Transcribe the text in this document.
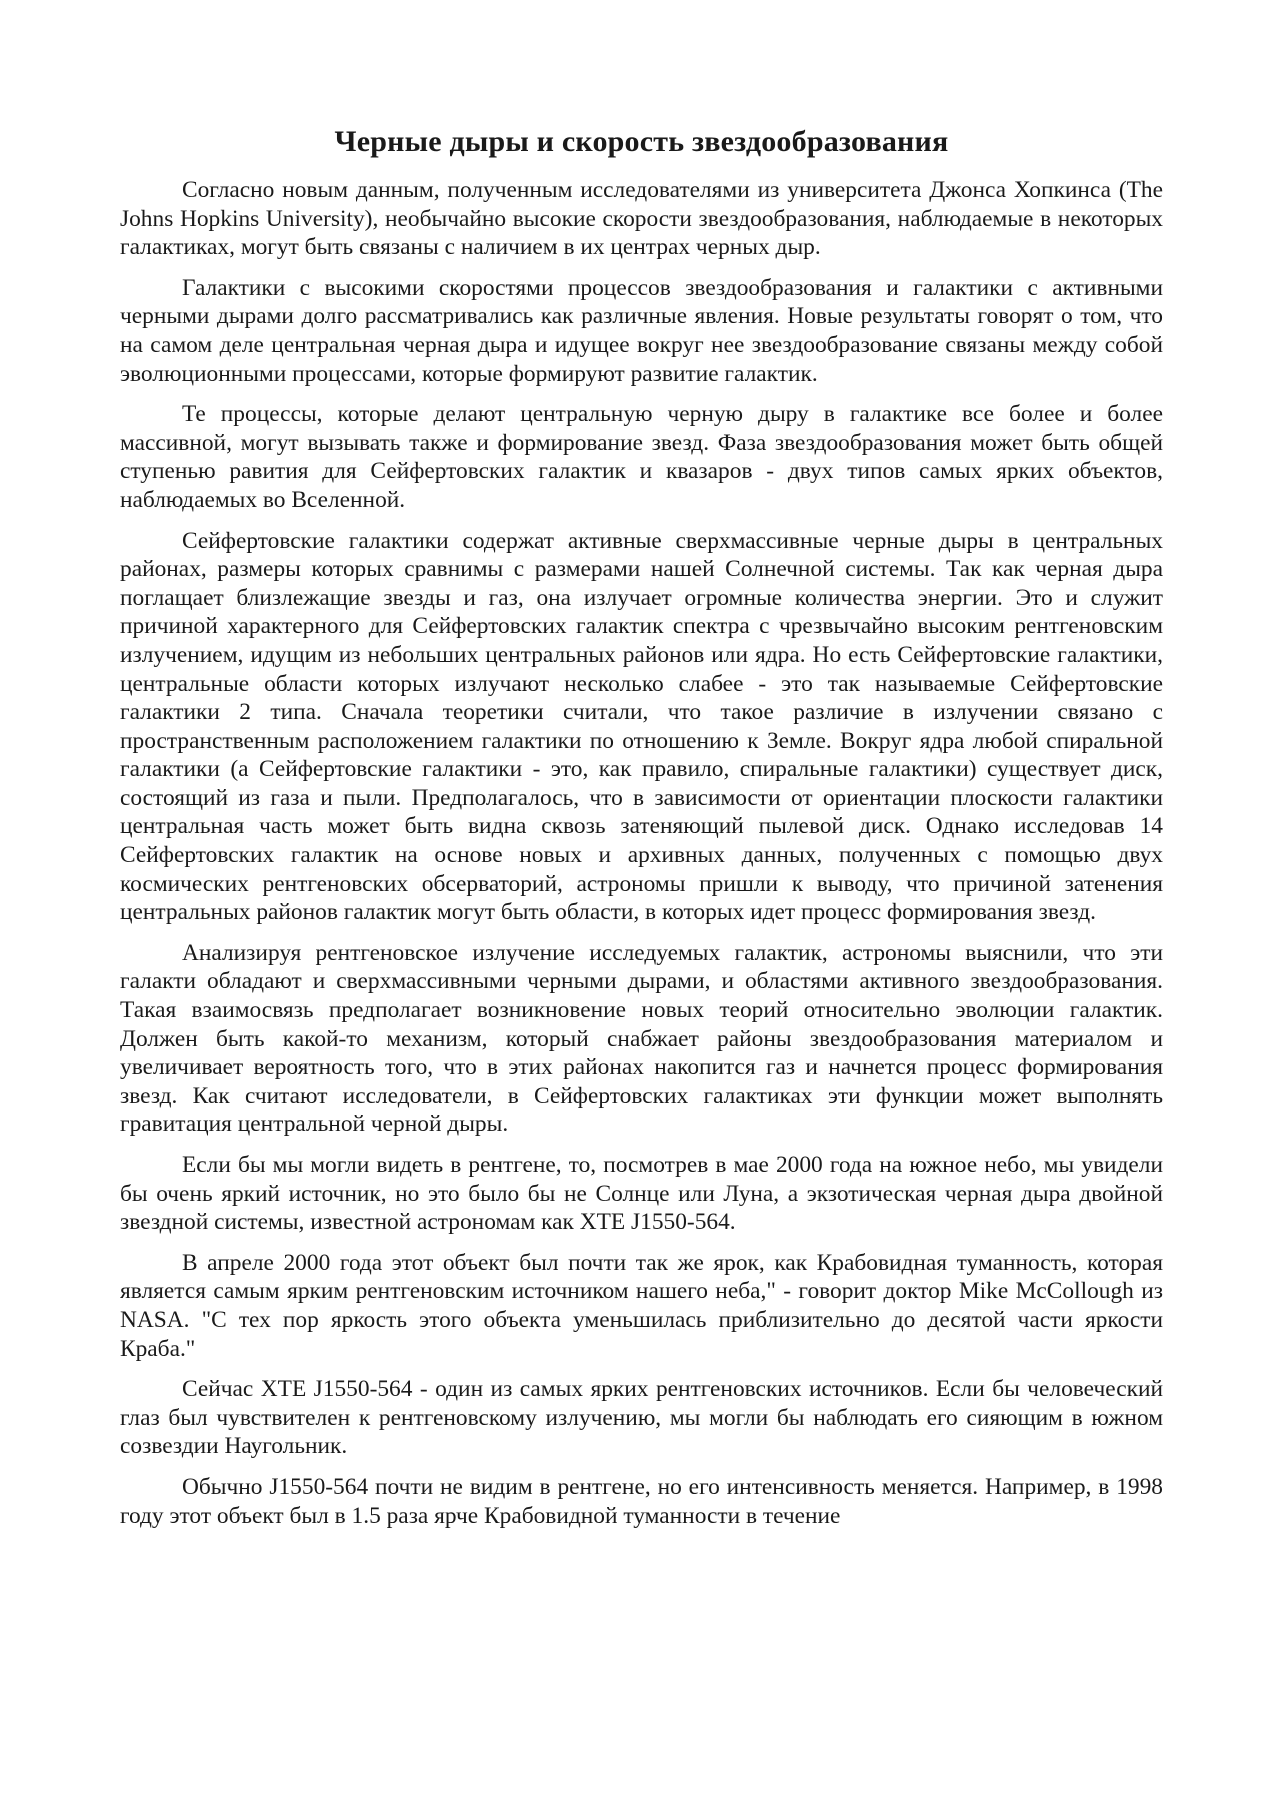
Черные дыры и скорость звездообразования

Согласно новым данным, полученным исследователями из университета Джонса Хопкинса (The Johns Hopkins University), необычайно высокие скорости звездообразования, наблюдаемые в некоторых галактиках, могут быть связаны с наличием в их центрах черных дыр.

Галактики с высокими скоростями процессов звездообразования и галактики с активными черными дырами долго рассматривались как различные явления. Новые результаты говорят о том, что на самом деле центральная черная дыра и идущее вокруг нее звездообразование связаны между собой эволюционными процессами, которые формируют развитие галактик.

Те процессы, которые делают центральную черную дыру в галактике все более и более массивной, могут вызывать также и формирование звезд. Фаза звездообразования может быть общей ступенью равития для Сейфертовских галактик и квазаров - двух типов самых ярких объектов, наблюдаемых во Вселенной.

Сейфертовские галактики содержат активные сверхмассивные черные дыры в центральных районах, размеры которых сравнимы с размерами нашей Солнечной системы. Так как черная дыра поглащает близлежащие звезды и газ, она излучает огромные количества энергии. Это и служит причиной характерного для Сейфертовских галактик спектра с чрезвычайно высоким рентгеновским излучением, идущим из небольших центральных районов или ядра. Но есть Сейфертовские галактики, центральные области которых излучают несколько слабее - это так называемые Сейфертовские галактики 2 типа. Сначала теоретики считали, что такое различие в излучении связано с пространственным расположением галактики по отношению к Земле. Вокруг ядра любой спиральной галактики (а Сейфертовские галактики - это, как правило, спиральные галактики) существует диск, состоящий из газа и пыли. Предполагалось, что в зависимости от ориентации плоскости галактики центральная часть может быть видна сквозь затеняющий пылевой диск. Однако исследовав 14 Сейфертовских галактик на основе новых и архивных данных, полученных с помощью двух космических рентгеновских обсерваторий, астрономы пришли к выводу, что причиной затенения центральных районов галактик могут быть области, в которых идет процесс формирования звезд.

Анализируя рентгеновское излучение исследуемых галактик, астрономы выяснили, что эти галакти обладают и сверхмассивными черными дырами, и областями активного звездообразования. Такая взаимосвязь предполагает возникновение новых теорий относительно эволюции галактик. Должен быть какой-то механизм, который снабжает районы звездообразования материалом и увеличивает вероятность того, что в этих районах накопится газ и начнется процесс формирования звезд. Как считают исследователи, в Сейфертовских галактиках эти функции может выполнять гравитация центральной черной дыры.

Если бы мы могли видеть в рентгене, то, посмотрев в мае 2000 года на южное небо, мы увидели бы очень яркий источник, но это было бы не Солнце или Луна, а экзотическая черная дыра двойной звездной системы, известной астрономам как XTE J1550-564.

В апреле 2000 года этот объект был почти так же ярок, как Крабовидная туманность, которая является самым ярким рентгеновским источником нашего неба," - говорит доктор Mike McCollough из NASA. "С тех пор яркость этого объекта уменьшилась приблизительно до десятой части яркости Краба."

Сейчас XTE J1550-564 - один из самых ярких рентгеновских источников. Если бы человеческий глаз был чувствителен к рентгеновскому излучению, мы могли бы наблюдать его сияющим в южном созвездии Наугольник.

Обычно J1550-564 почти не видим в рентгене, но его интенсивность меняется. Например, в 1998 году этот объект был в 1.5 раза ярче Крабовидной туманности в течение
